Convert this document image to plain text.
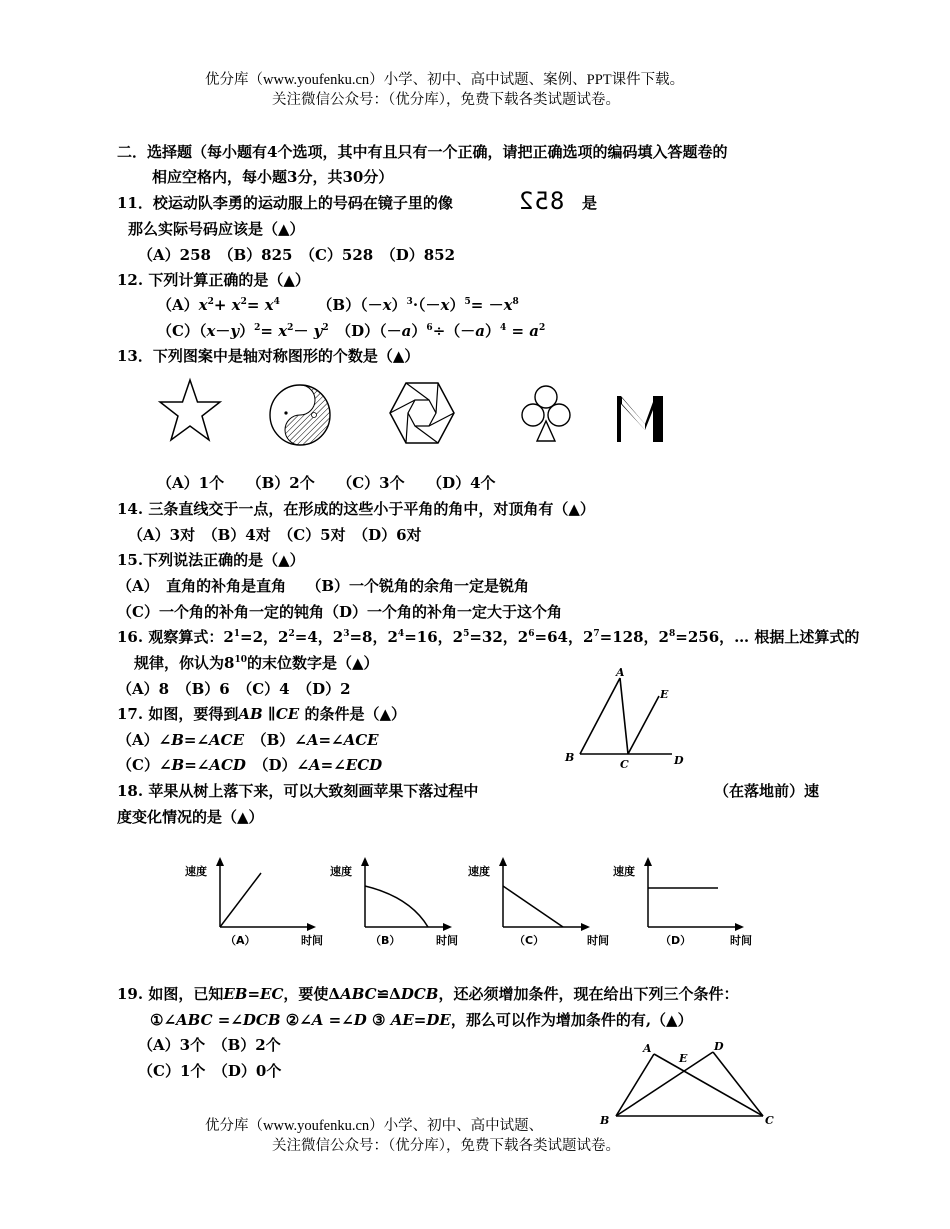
优分库（www.youfenku.cn）小学、初中、高中试题、案例、PPT课件下载。
关注微信公众号：（优分库），免费下载各类试题试卷。
二．选择题（每小题有4个选项，其中有且只有一个正确，请把正确选项的编码填入答题卷的
相应空格内，每小题3分，共30分）
11．校运动队李勇的运动服上的号码在镜子里的像	852 是
那么实际号码应该是（▲）
（A）258　（B）825　（C）528　（D）852
12. 下列计算正确的是（▲）
$(A)x^2+ x^2= x^4$　　　$(B)(-x)^3\cdot(-x)^5= -x^8$
$(C)(x-y)^2= x^2- y^2$　$(D)(-a)^6\div(-a)^4 = a^2$
13．下列图案中是轴对称图形的个数是（▲）
（A）1个　　（B）2个　　（C）3个　　（D）4个
14. 三条直线交于一点，在形成的这些小于平角的角中，对顶角有（▲）
（A）3对　（B）4对　（C）5对　（D）6对
15.下列说法正确的是（▲）
（A）　直角的补角是直角　 （B）一个锐角的余角一定是锐角
（C）一个角的补角一定的钝角（D）一个角的补角一定大于这个角
16. 观察算式：$2^1=2$，$2^2=4$，$2^3=8$，$2^4=16$，$2^5=32$，$2^6=64$，$2^7=128$，$2^8=256$，… 根据上述算式的
规律，你认为$8^{10}$的末位数字是（▲）
（A）8　（B）6　（C）4　（D）2
17. 如图，要得到AB ∥CE 的条件是（▲）
（A）∠B=∠ACE　（B）∠A=∠ACE
（C）∠B=∠ACD　（D）∠A=∠ECD
A
E
B
C	D
18. 苹果从树上落下来，可以大致刻画苹果下落过程中	（在落地前）速
度变化情况的是（▲）
速度
时间
（A）
速度
时间
（B）
速度
时间
（C）
速度
时间
（D）
19. 如图，已知EB=EC，要使ΔABC≌ΔDCB，还必须增加条件，现在给出下列三个条件：
①∠ABC =∠DCB ②∠A =∠D ③ AE=DE，那么可以作为增加条件的有,（▲）
（A）3个　（B）2个
（C）1个　（D）0个
A
E
D
B	C
优分库（www.youfenku.cn）小学、初中、高中试题、
关注微信公众号：（优分库），免费下载各类试题试卷。
